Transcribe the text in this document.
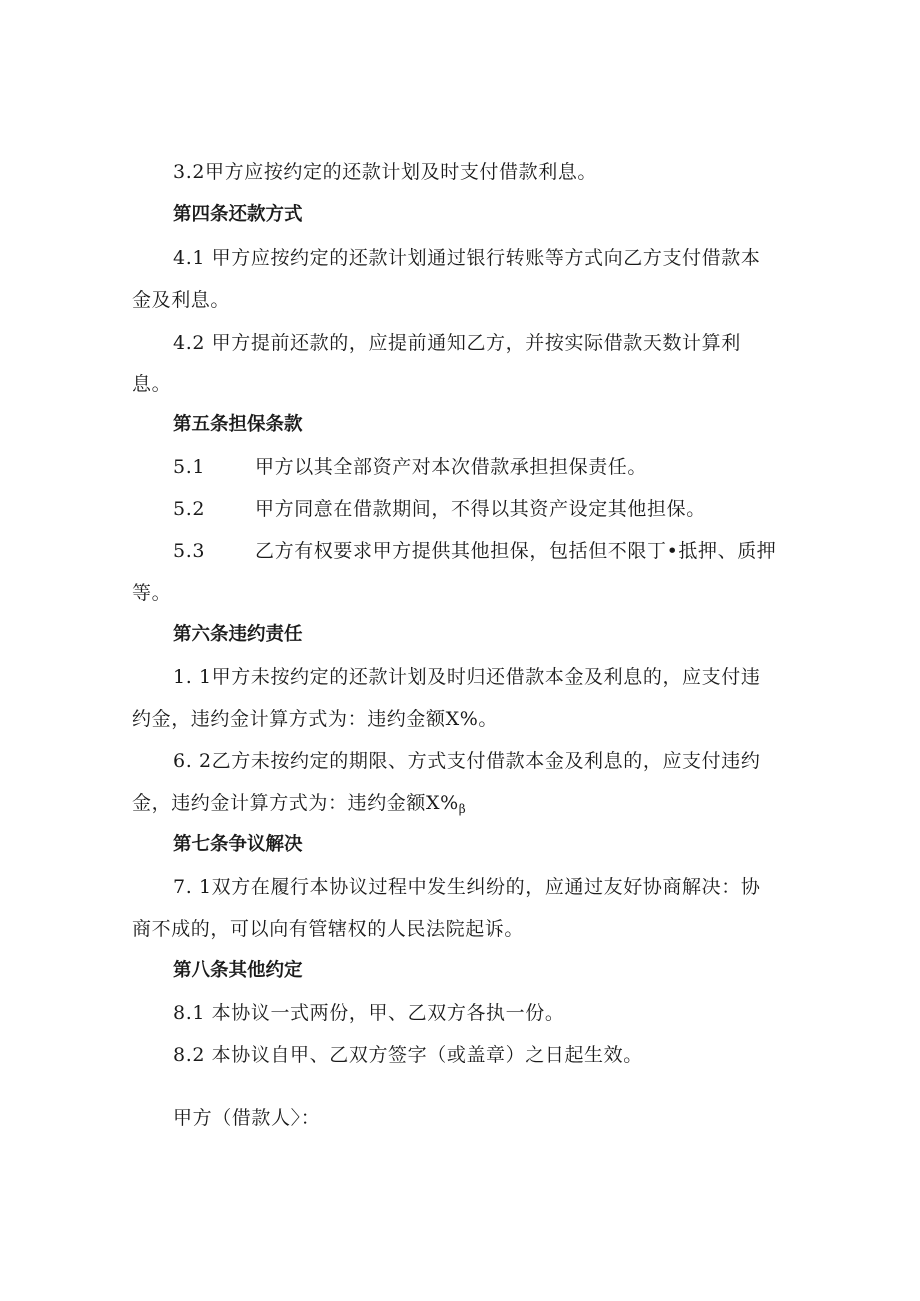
3.2甲方应按约定的还款计划及时支付借款利息。
第四条还款方式
4.1 甲方应按约定的还款计划通过银行转账等方式向乙方支付借款本
金及利息。
4.2 甲方提前还款的，应提前通知乙方，并按实际借款天数计算利
息。
第五条担保条款
5.1	甲方以其全部资产对本次借款承担担保责任。
5.2	甲方同意在借款期间，不得以其资产设定其他担保。
5.3	乙方有权要求甲方提供其他担保，包括但不限丁•抵押、质押
等。
第六条违约责任
1. 1甲方未按约定的还款计划及时归还借款本金及利息的，应支付违
约金，违约金计算方式为：违约金额X%。
6. 2乙方未按约定的期限、方式支付借款本金及利息的，应支付违约
金，违约金计算方式为：违约金额$X\%_\beta$
第七条争议解决
7. 1双方在履行本协议过程中发生纠纷的，应通过友好协商解决：协
商不成的，可以向有管辖权的人民法院起诉。
第八条其他约定
8.1 本协议一式两份，甲、乙双方各执一份。
8.2 本协议自甲、乙双方签字（或盖章）之日起生效。
甲方（借款人〉：
